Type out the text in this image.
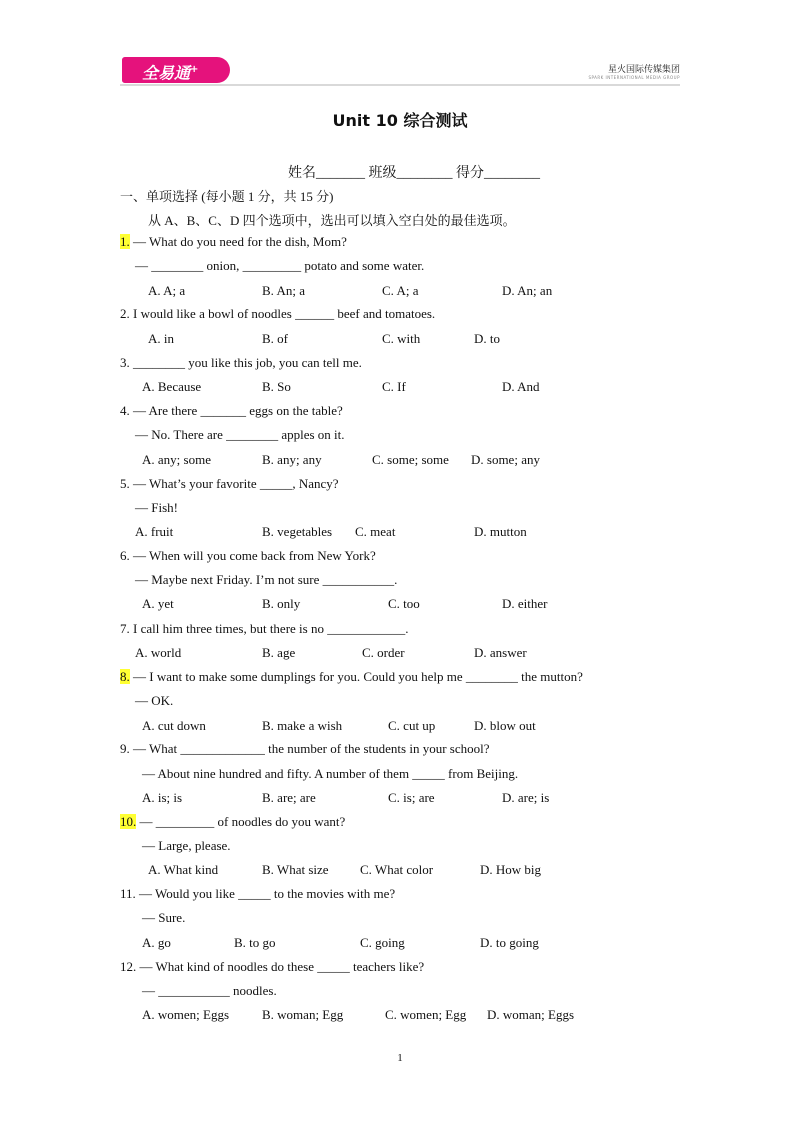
全易通+	星火国际传媒集团
SPARK INTERNATIONAL MEDIA GROUP
Unit 10 综合测试
姓名_______ 班级________ 得分________
一、单项选择 (每小题 1 分，共 15 分)
从 A、B、C、D 四个选项中，选出可以填入空白处的最佳选项。
1. — What do you need for the dish, Mom?
— ________ onion, _________ potato and some water.
A. A; a	B. An; a	C. A; a	D. An; an
2. I would like a bowl of noodles ______ beef and tomatoes.
A. in	B. of	C. with	D. to
3. ________ you like this job, you can tell me.
A. Because	B. So	C. If	D. And
4. — Are there _______ eggs on the table?
— No. There are ________ apples on it.
A. any; some	B. any; any	C. some; some D. some; any
5. — What’s your favorite _____, Nancy?
— Fish!
A. fruit	B. vegetables C. meat	D. mutton
6. — When will you come back from New York?
— Maybe next Friday. I’m not sure ___________.
A. yet	B. only	C. too	D. either
7. I call him three times, but there is no ____________.
A. world	B. age	C. order	D. answer
8. — I want to make some dumplings for you. Could you help me ________ the mutton?
— OK.
A. cut down	B. make a wish	C. cut up	D. blow out
9. — What _____________ the number of the students in your school?
— About nine hundred and fifty. A number of them _____ from Beijing.
A. is; is	B. are; are	C. is; are	D. are; is
10. — _________ of noodles do you want?
— Large, please.
A. What kind	B. What size C. What color	D. How big
11. — Would you like _____ to the movies with me?
— Sure.
A. go	B. to go	C. going	D. to going
12. — What kind of noodles do these _____ teachers like?
— ___________ noodles.
A. women; Eggs	B. woman; Egg	C. women; Egg D. woman; Eggs
1
